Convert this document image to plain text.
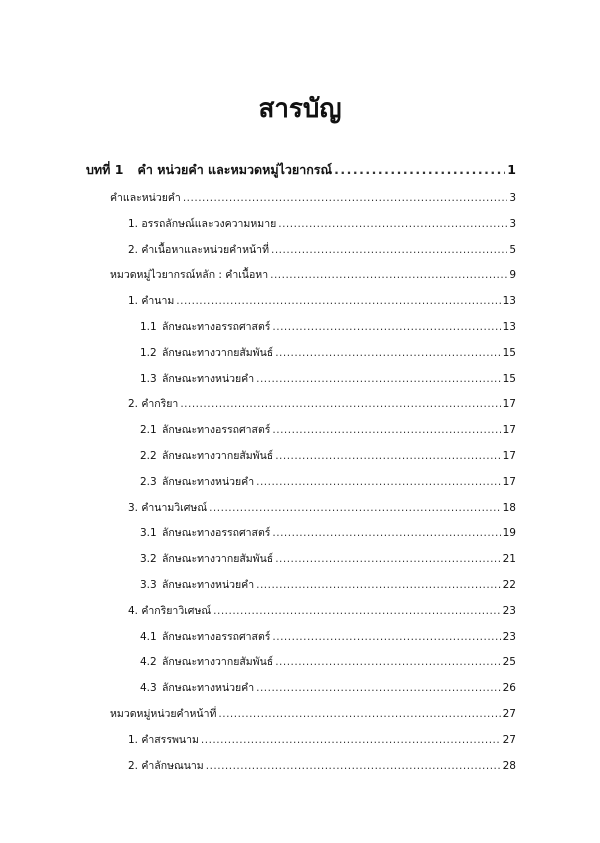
สารบัญ
บทที่ 1 คำ หน่วยคำ และหมวดหมู่ไวยากรณ์ .....	1
คำและหน่วยคำ .....	3
1. อรรถลักษณ์และวงความหมาย .....	3
2. คำเนื้อหาและหน่วยคำหน้าที่ .....	5
หมวดหมู่ไวยากรณ์หลัก : คำเนื้อหา .....	9
1. คำนาม .....	13
1.1 ลักษณะทางอรรถศาสตร์ .....	13
1.2 ลักษณะทางวากยสัมพันธ์ .....	15
1.3 ลักษณะทางหน่วยคำ .....	15
2. คำกริยา .....	17
2.1 ลักษณะทางอรรถศาสตร์ .....	17
2.2 ลักษณะทางวากยสัมพันธ์ .....	17
2.3 ลักษณะทางหน่วยคำ .....	17
3. คำนามวิเศษณ์ .....	18
3.1 ลักษณะทางอรรถศาสตร์ .....	19
3.2 ลักษณะทางวากยสัมพันธ์ .....	21
3.3 ลักษณะทางหน่วยคำ .....	22
4. คำกริยาวิเศษณ์ .....	23
4.1 ลักษณะทางอรรถศาสตร์ .....	23
4.2 ลักษณะทางวากยสัมพันธ์ .....	25
4.3 ลักษณะทางหน่วยคำ .....	26
หมวดหมู่หน่วยคำหน้าที่ .....	27
1. คำสรรพนาม .....	27
2. คำลักษณนาม .....	28
